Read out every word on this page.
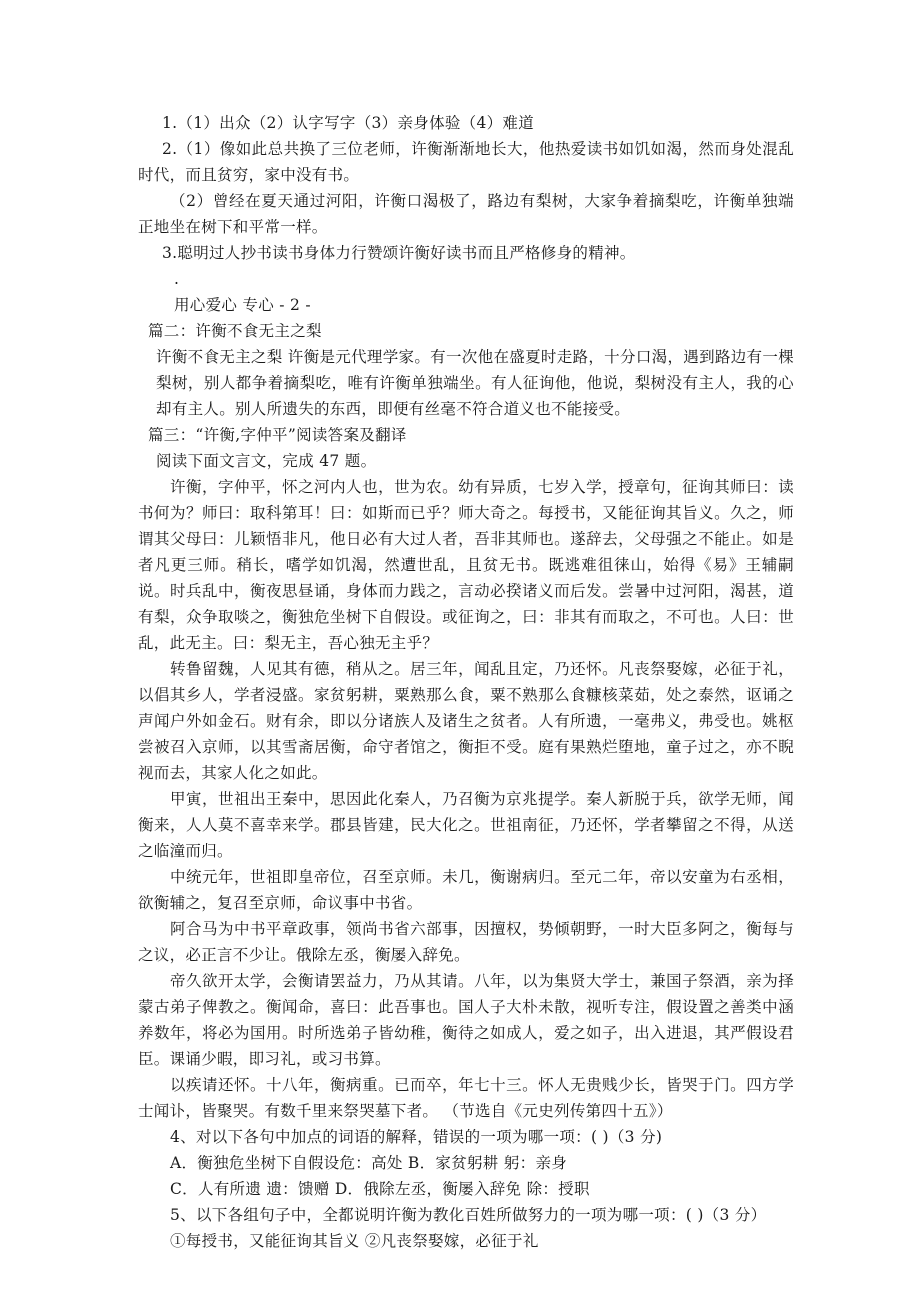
1.（1）出众（2）认字写字（3）亲身体验（4）难道

2.（1）像如此总共换了三位老师，许衡渐渐地长大，他热爱读书如饥如渴，然而身处混乱时代，而且贫穷，家中没有书。

（2）曾经在夏天通过河阳，许衡口渴极了，路边有梨树，大家争着摘梨吃，许衡单独端正地坐在树下和平常一样。

3.聪明过人抄书读书身体力行赞颂许衡好读书而且严格修身的精神。

.

用心爱心 专心 - 2 -

篇二：许衡不食无主之梨

许衡不食无主之梨 许衡是元代理学家。有一次他在盛夏时走路，十分口渴，遇到路边有一棵梨树，别人都争着摘梨吃，唯有许衡单独端坐。有人征询他，他说，梨树没有主人，我的心却有主人。别人所遗失的东西，即便有丝毫不符合道义也不能接受。

篇三：“许衡,字仲平”阅读答案及翻译

阅读下面文言文，完成 47 题。

许衡，字仲平，怀之河内人也，世为农。幼有异质，七岁入学，授章句，征询其师曰：读书何为？师曰：取科第耳！曰：如斯而已乎？师大奇之。每授书，又能征询其旨义。久之，师谓其父母曰：儿颖悟非凡，他日必有大过人者，吾非其师也。遂辞去，父母强之不能止。如是者凡更三师。稍长，嗜学如饥渴，然遭世乱，且贫无书。既逃难徂徕山，始得《易》王辅嗣说。时兵乱中，衡夜思昼诵，身体而力践之，言动必揆诸义而后发。尝暑中过河阳，渴甚，道有梨，众争取啖之，衡独危坐树下自假设。或征询之，曰：非其有而取之，不可也。人曰：世乱，此无主。曰：梨无主，吾心独无主乎？

转鲁留魏，人见其有德，稍从之。居三年，闻乱且定，乃还怀。凡丧祭娶嫁，必征于礼，以倡其乡人，学者浸盛。家贫躬耕，粟熟那么食，粟不熟那么食糠核菜茹，处之泰然，讴诵之声闻户外如金石。财有余，即以分诸族人及诸生之贫者。人有所遗，一毫弗义，弗受也。姚枢尝被召入京师，以其雪斋居衡，命守者馆之，衡拒不受。庭有果熟烂堕地，童子过之，亦不睨视而去，其家人化之如此。

甲寅，世祖出王秦中，思因此化秦人，乃召衡为京兆提学。秦人新脱于兵，欲学无师，闻衡来，人人莫不喜幸来学。郡县皆建，民大化之。世祖南征，乃还怀，学者攀留之不得，从送之临潼而归。

中统元年，世祖即皇帝位，召至京师。未几，衡谢病归。至元二年，帝以安童为右丞相，欲衡辅之，复召至京师，命议事中书省。

阿合马为中书平章政事，领尚书省六部事，因擅权，势倾朝野，一时大臣多阿之，衡每与之议，必正言不少让。俄除左丞，衡屡入辞免。

帝久欲开太学，会衡请罢益力，乃从其请。八年，以为集贤大学士，兼国子祭酒，亲为择蒙古弟子俾教之。衡闻命，喜曰：此吾事也。国人子大朴未散，视听专注，假设置之善类中涵养数年，将必为国用。时所选弟子皆幼稚，衡待之如成人，爱之如子，出入进退，其严假设君臣。课诵少暇，即习礼，或习书算。

以疾请还怀。十八年，衡病重。已而卒，年七十三。怀人无贵贱少长，皆哭于门。四方学士闻讣，皆聚哭。有数千里来祭哭墓下者。 （节选自《元史列传第四十五》）

4、对以下各句中加点的词语的解释，错误的一项为哪一项：( )（3 分)

A．衡独危坐树下自假设危：高处 B．家贫躬耕 躬：亲身

C．人有所遗 遗：馈赠 D．俄除左丞，衡屡入辞免 除：授职

5、以下各组句子中，全都说明许衡为教化百姓所做努力的一项为哪一项：( )（3 分）

①每授书，又能征询其旨义 ②凡丧祭娶嫁，必征于礼
